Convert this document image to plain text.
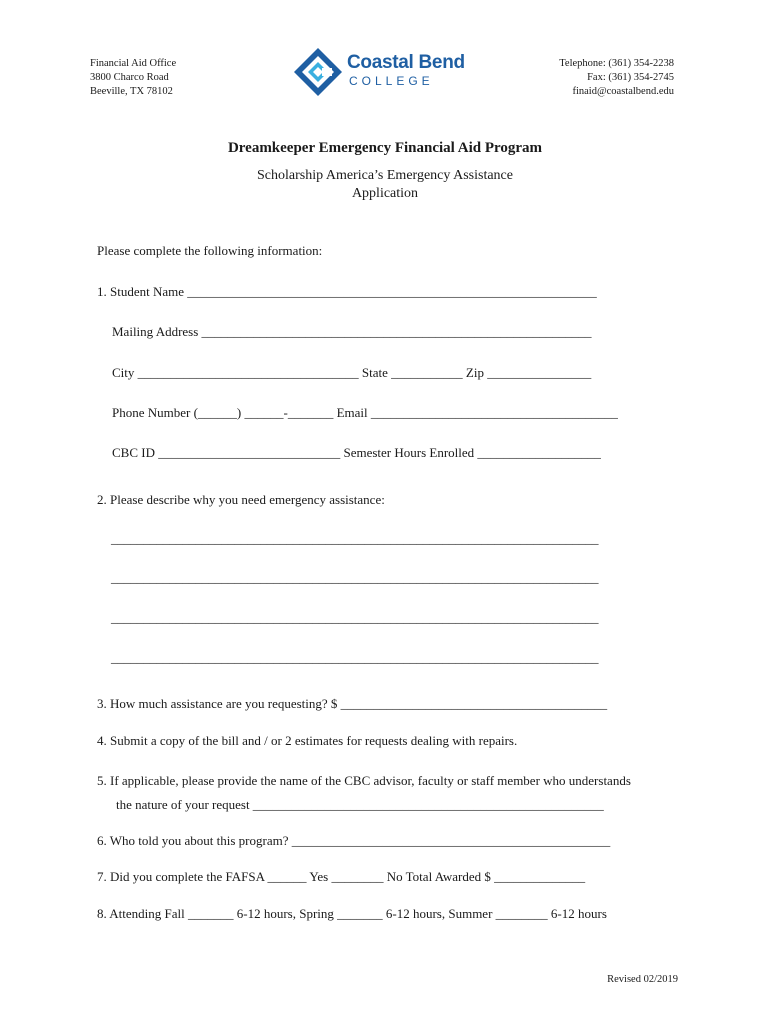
Financial Aid Office
3800 Charco Road
Beeville, TX 78102
Coastal Bend
COLLEGE
Telephone: (361) 354-2238
Fax: (361) 354-2745
finaid@coastalbend.edu
Dreamkeeper Emergency Financial Aid Program
Scholarship America’s Emergency Assistance
Application
Please complete the following information:
1. Student Name _______________________________________________________________
Mailing Address ____________________________________________________________
City __________________________________ State ___________ Zip ________________
Phone Number (______) ______-_______ Email ______________________________________
CBC ID ____________________________ Semester Hours Enrolled ___________________
2. Please describe why you need emergency assistance:
___________________________________________________________________________
___________________________________________________________________________
___________________________________________________________________________
___________________________________________________________________________
3. How much assistance are you requesting? $ _________________________________________
4. Submit a copy of the bill and / or 2 estimates for requests dealing with repairs.
5. If applicable, please provide the name of the CBC advisor, faculty or staff member who understands
the nature of your request ______________________________________________________
6. Who told you about this program? _________________________________________________
7. Did you complete the FAFSA ______ Yes ________ No Total Awarded $ ______________
8. Attending Fall _______ 6-12 hours, Spring _______ 6-12 hours, Summer ________ 6-12 hours
Revised 02/2019
